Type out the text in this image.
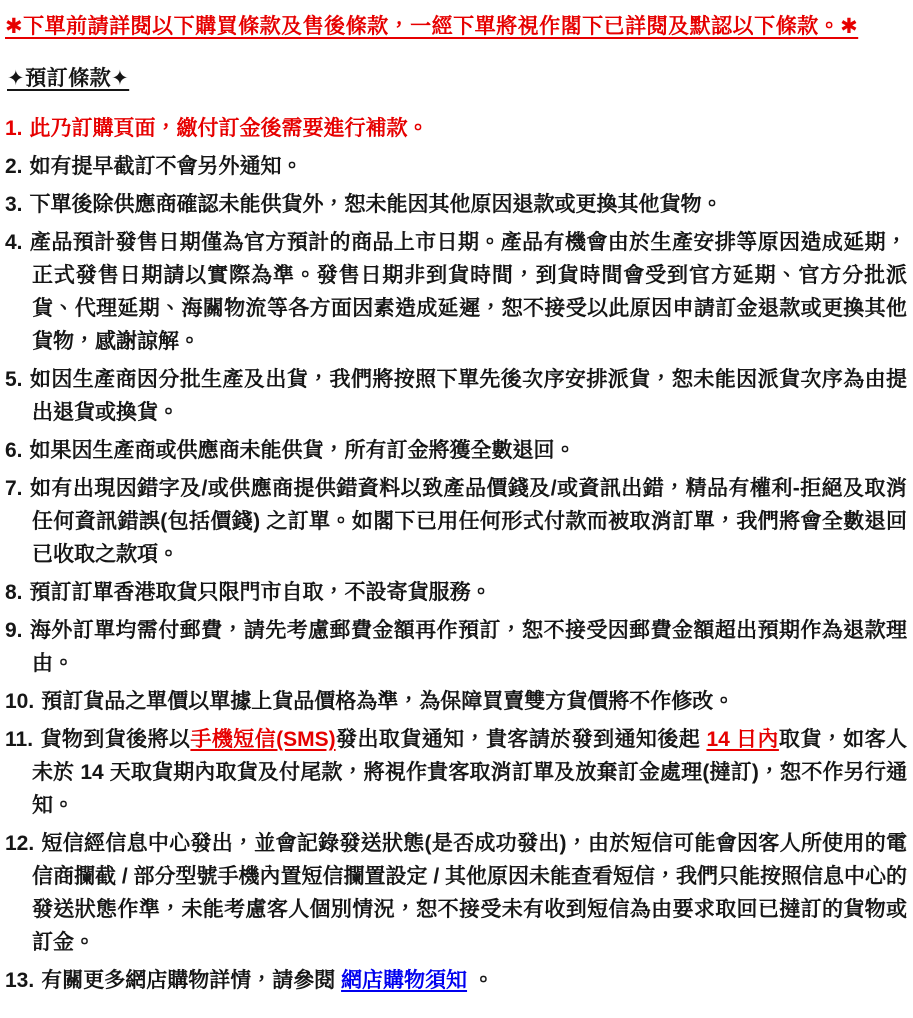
✱下單前請詳閱以下購買條款及售後條款，一經下單將視作閣下已詳閱及默認以下條款。✱

✦預訂條款✦
1. 此乃訂購頁面，繳付訂金後需要進行補款。
2. 如有提早截訂不會另外通知。
3. 下單後除供應商確認未能供貨外，恕未能因其他原因退款或更換其他貨物。
4. 產品預計發售日期僅為官方預計的商品上市日期。產品有機會由於生產安排等原因造成延期，正式發售日期請以實際為準。發售日期非到貨時間，到貨時間會受到官方延期、官方分批派貨、代理延期、海關物流等各方面因素造成延遲，恕不接受以此原因申請訂金退款或更換其他貨物，感謝諒解。
5. 如因生產商因分批生產及出貨，我們將按照下單先後次序安排派貨，恕未能因派貨次序為由提出退貨或換貨。
6. 如果因生產商或供應商未能供貨，所有訂金將獲全數退回。
7. 如有出現因錯字及/或供應商提供錯資料以致產品價錢及/或資訊出錯，精品有權利-拒絕及取消任何資訊錯誤(包括價錢) 之訂單。如閣下已用任何形式付款而被取消訂單，我們將會全數退回已收取之款項。
8. 預訂訂單香港取貨只限門市自取，不設寄貨服務。
9. 海外訂單均需付郵費，請先考慮郵費金額再作預訂，恕不接受因郵費金額超出預期作為退款理由。
10. 預訂貨品之單價以單據上貨品價格為準，為保障買賣雙方貨價將不作修改。
11. 貨物到貨後將以手機短信(SMS)發出取貨通知，貴客請於發到通知後起 14 日內取貨，如客人未於 14 天取貨期內取貨及付尾款，將視作貴客取消訂單及放棄訂金處理(撻訂)，恕不作另行通知。
12. 短信經信息中心發出，並會記錄發送狀態(是否成功發出)，由於短信可能會因客人所使用的電信商攔截 / 部分型號手機內置短信攔置設定 / 其他原因未能查看短信，我們只能按照信息中心的發送狀態作準，未能考慮客人個別情況，恕不接受未有收到短信為由要求取回已撻訂的貨物或訂金。
13. 有關更多網店購物詳情，請參閱 網店購物須知 。
